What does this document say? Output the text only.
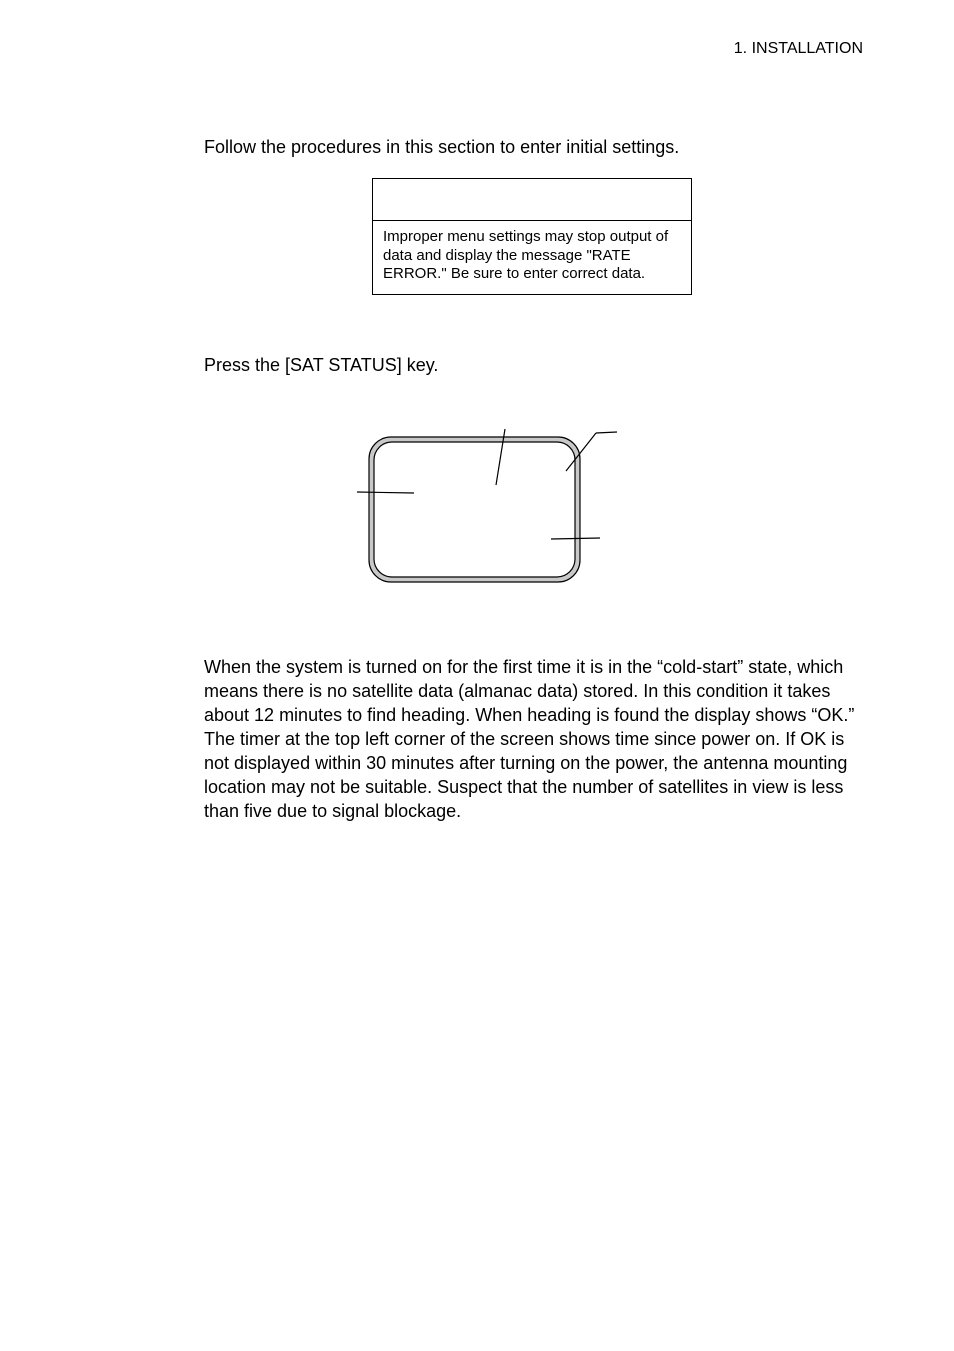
1. INSTALLATION
Follow the procedures in this section to enter initial settings.
Improper menu settings may stop output of data and display the message "RATE ERROR." Be sure to enter correct data.
Press the [SAT STATUS] key.
When the system is turned on for the first time it is in the “cold-start” state, which means there is no satellite data (almanac data) stored. In this condition it takes about 12 minutes to find heading. When heading is found the display shows “OK.” The timer at the top left corner of the screen shows time since power on. If OK is not displayed within 30 minutes after turning on the power, the antenna mounting location may not be suitable. Suspect that the number of satellites in view is less than five due to signal blockage.
